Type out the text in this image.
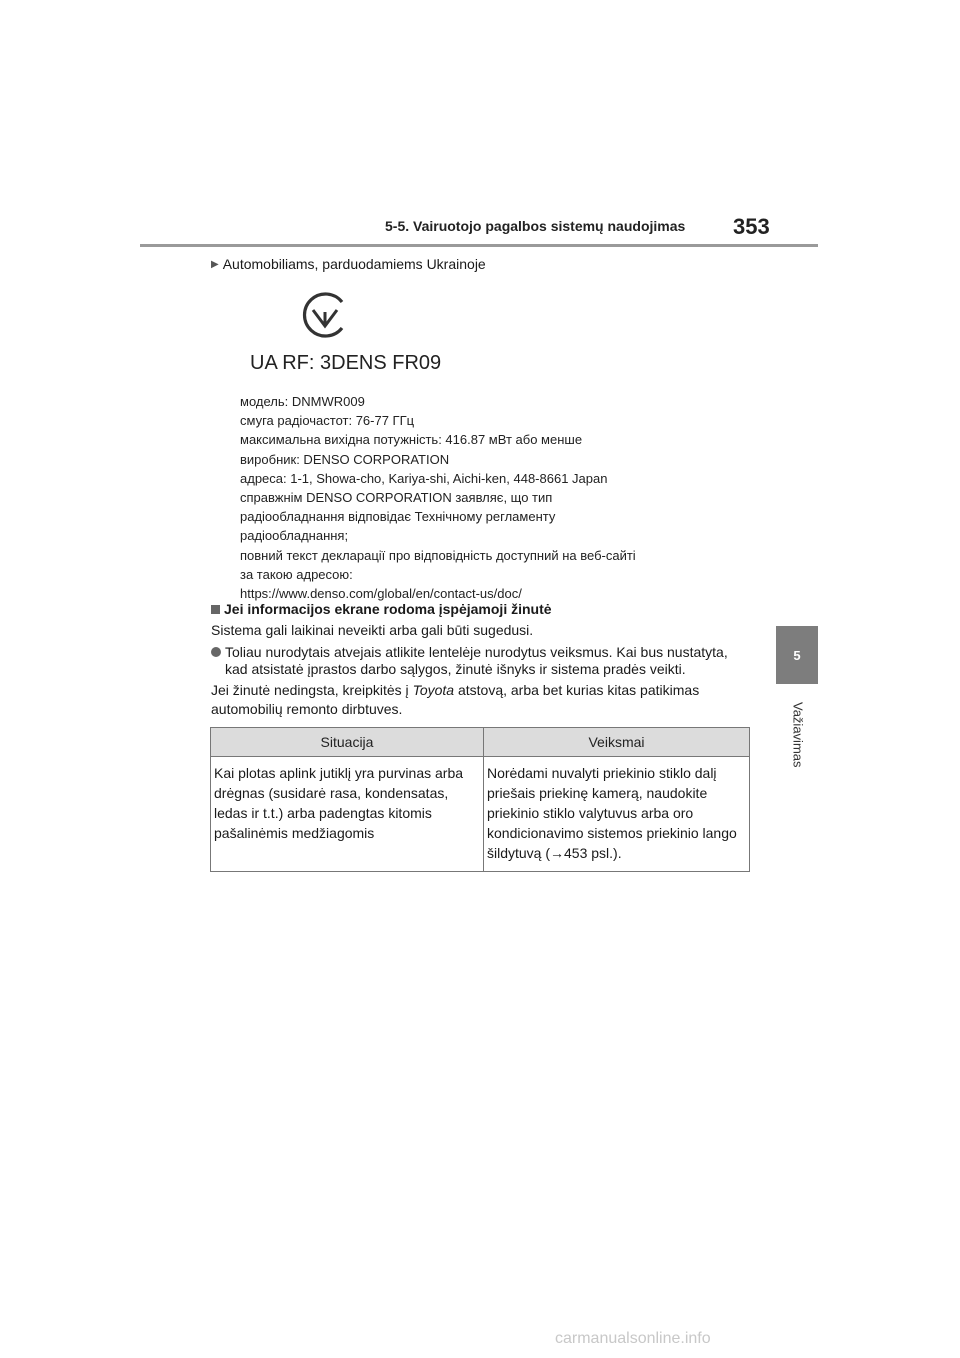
5-5. Vairuotojo pagalbos sistemų naudojimas 353
5
Važiavimas
▶ Automobiliams, parduodamiems Ukrainoje
UA RF: 3DENS FR09
модель: DNMWR009
смуга радіочастот: 76-77 ГГц
максимальна вихідна потужність: 416.87 мВт або менше
виробник: DENSO CORPORATION
адреса: 1-1, Showa-cho, Kariya-shi, Aichi-ken, 448-8661 Japan
справжнім DENSO CORPORATION заявляє, що тип
радіообладнання відповідає Технічному регламенту
радіообладнання;
повний текст декларації про відповідність доступний на веб-сайті
за такою адресою:
https://www.denso.com/global/en/contact-us/doc/
Jei informacijos ekrane rodoma įspėjamoji žinutė
Sistema gali laikinai neveikti arba gali būti sugedusi.
Toliau nurodytais atvejais atlikite lentelėje nurodytus veiksmus. Kai bus nustatyta, kad atsistatė įprastos darbo sąlygos, žinutė išnyks ir sistema pradės veikti.
Jei žinutė nedingsta, kreipkitės į Toyota atstovą, arba bet kurias kitas patikimas automobilių remonto dirbtuves.
Situacija	Veiksmai
Kai plotas aplink jutiklį yra purvinas arba drėgnas (susidarė rasa, kondensatas, ledas ir t.t.) arba padengtas kitomis pašalinėmis medžiagomis	Norėdami nuvalyti priekinio stiklo dalį priešais priekinę kamerą, naudokite priekinio stiklo valytuvus arba oro kondicionavimo sistemos priekinio lango šildytuvą (→453 psl.).
carmanualsonline.info
